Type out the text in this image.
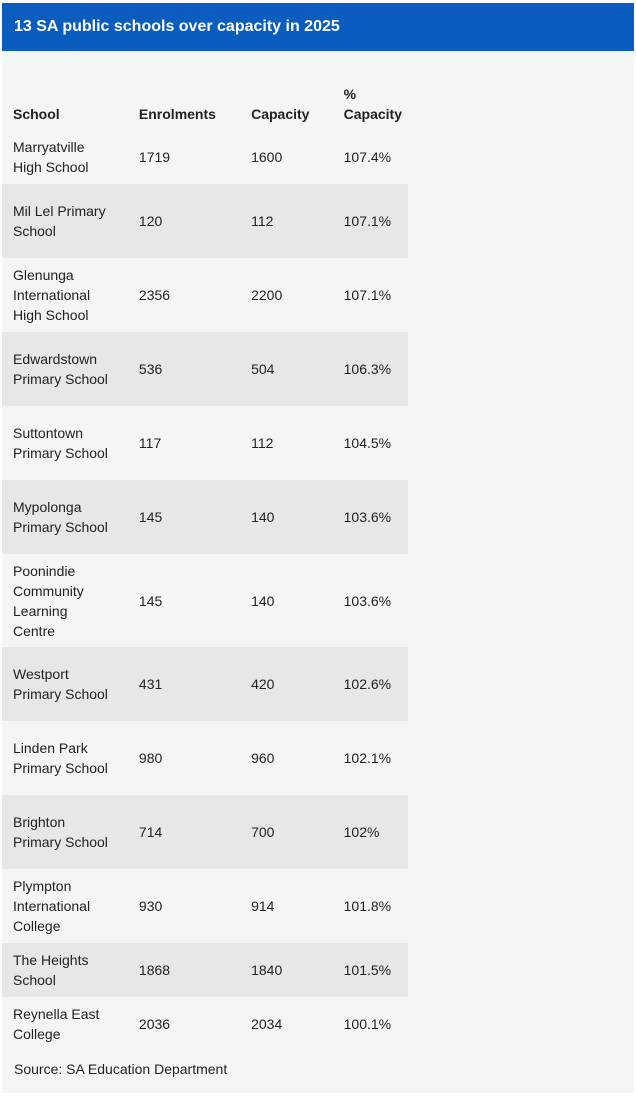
13 SA public schools over capacity in 2025
School	Enrolments	Capacity	% Capacity
Marryatville High School	1719	1600	107.4%
Mil Lel Primary School	120	112	107.1%
Glenunga International High School	2356	2200	107.1%
Edwardstown Primary School	536	504	106.3%
Suttontown Primary School	117	112	104.5%
Mypolonga Primary School	145	140	103.6%
Poonindie Community Learning Centre	145	140	103.6%
Westport Primary School	431	420	102.6%
Linden Park Primary School	980	960	102.1%
Brighton Primary School	714	700	102%
Plympton International College	930	914	101.8%
The Heights School	1868	1840	101.5%
Reynella East College	2036	2034	100.1%
Source: SA Education Department
